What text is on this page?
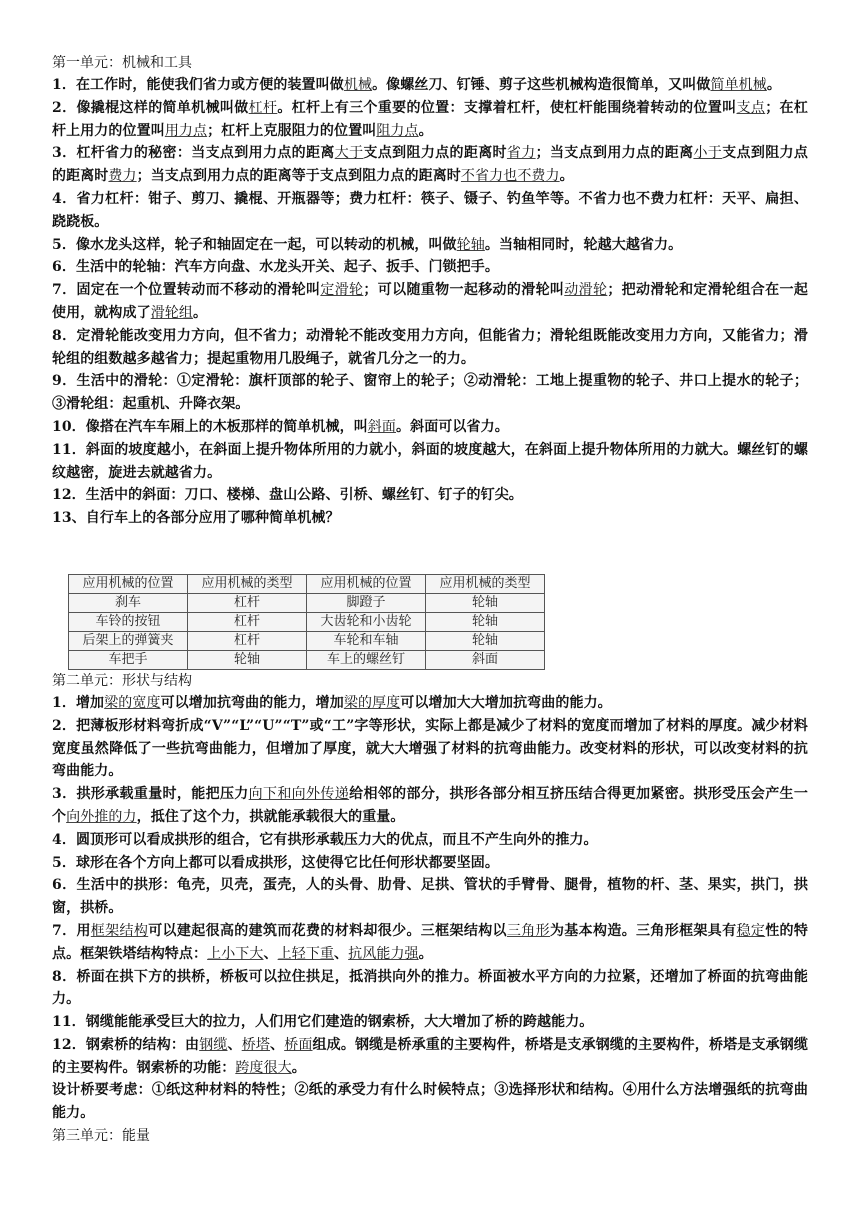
第一单元：机械和工具

1．在工作时，能使我们省力或方便的装置叫做机械。像螺丝刀、钉锤、剪子这些机械构造很简单，又叫做简单机械。

2．像撬棍这样的简单机械叫做杠杆。杠杆上有三个重要的位置：支撑着杠杆，使杠杆能围绕着转动的位置叫支点；在杠杆上用力的位置叫用力点；杠杆上克服阻力的位置叫阻力点。

3．杠杆省力的秘密：当支点到用力点的距离大于支点到阻力点的距离时省力；当支点到用力点的距离小于支点到阻力点的距离时费力；当支点到用力点的距离等于支点到阻力点的距离时不省力也不费力。

4．省力杠杆：钳子、剪刀、撬棍、开瓶器等；费力杠杆：筷子、镊子、钓鱼竿等。不省力也不费力杠杆：天平、扁担、跷跷板。

5．像水龙头这样，轮子和轴固定在一起，可以转动的机械，叫做轮轴。当轴相同时，轮越大越省力。

6．生活中的轮轴：汽车方向盘、水龙头开关、起子、扳手、门锁把手。

7．固定在一个位置转动而不移动的滑轮叫定滑轮；可以随重物一起移动的滑轮叫动滑轮；把动滑轮和定滑轮组合在一起使用，就构成了滑轮组。

8．定滑轮能改变用力方向，但不省力；动滑轮不能改变用力方向，但能省力；滑轮组既能改变用力方向，又能省力；滑轮组的组数越多越省力；提起重物用几股绳子，就省几分之一的力。

9．生活中的滑轮：①定滑轮：旗杆顶部的轮子、窗帘上的轮子；②动滑轮：工地上提重物的轮子、井口上提水的轮子；③滑轮组：起重机、升降衣架。

10．像搭在汽车车厢上的木板那样的简单机械，叫斜面。斜面可以省力。

11．斜面的坡度越小，在斜面上提升物体所用的力就小，斜面的坡度越大，在斜面上提升物体所用的力就大。螺丝钉的螺纹越密，旋进去就越省力。

12．生活中的斜面：刀口、楼梯、盘山公路、引桥、螺丝钉、钉子的钉尖。

13、自行车上的各部分应用了哪种简单机械？

应用机械的位置	应用机械的类型	应用机械的位置	应用机械的类型
刹车	杠杆	脚蹬子	轮轴
车铃的按钮	杠杆	大齿轮和小齿轮	轮轴
后架上的弹簧夹	杠杆	车轮和车轴	轮轴
车把手	轮轴	车上的螺丝钉	斜面

第二单元：形状与结构

1．增加梁的宽度可以增加抗弯曲的能力，增加梁的厚度可以增加大大增加抗弯曲的能力。

2．把薄板形材料弯折成“V”“L”“U”“T”或“工”字等形状，实际上都是减少了材料的宽度而增加了材料的厚度。减少材料宽度虽然降低了一些抗弯曲能力，但增加了厚度，就大大增强了材料的抗弯曲能力。改变材料的形状，可以改变材料的抗弯曲能力。

3．拱形承载重量时，能把压力向下和向外传递给相邻的部分，拱形各部分相互挤压结合得更加紧密。拱形受压会产生一个向外推的力，抵住了这个力，拱就能承载很大的重量。

4．圆顶形可以看成拱形的组合，它有拱形承载压力大的优点，而且不产生向外的推力。

5．球形在各个方向上都可以看成拱形，这使得它比任何形状都要坚固。

6．生活中的拱形：龟壳，贝壳，蛋壳，人的头骨、肋骨、足拱、管状的手臂骨、腿骨，植物的杆、茎、果实，拱门，拱窗，拱桥。

7．用框架结构可以建起很高的建筑而花费的材料却很少。三框架结构以三角形为基本构造。三角形框架具有稳定性的特点。框架铁塔结构特点：上小下大、上轻下重、抗风能力强。

8．桥面在拱下方的拱桥，桥板可以拉住拱足，抵消拱向外的推力。桥面被水平方向的力拉紧，还增加了桥面的抗弯曲能力。

11．钢缆能能承受巨大的拉力，人们用它们建造的钢索桥，大大增加了桥的跨越能力。

12．钢索桥的结构：由钢缆、桥塔、桥面组成。钢缆是桥承重的主要构件，桥塔是支承钢缆的主要构件，桥塔是支承钢缆的主要构件。钢索桥的功能：跨度很大。

设计桥要考虑：①纸这种材料的特性；②纸的承受力有什么时候特点；③选择形状和结构。④用什么方法增强纸的抗弯曲能力。

第三单元：能量
